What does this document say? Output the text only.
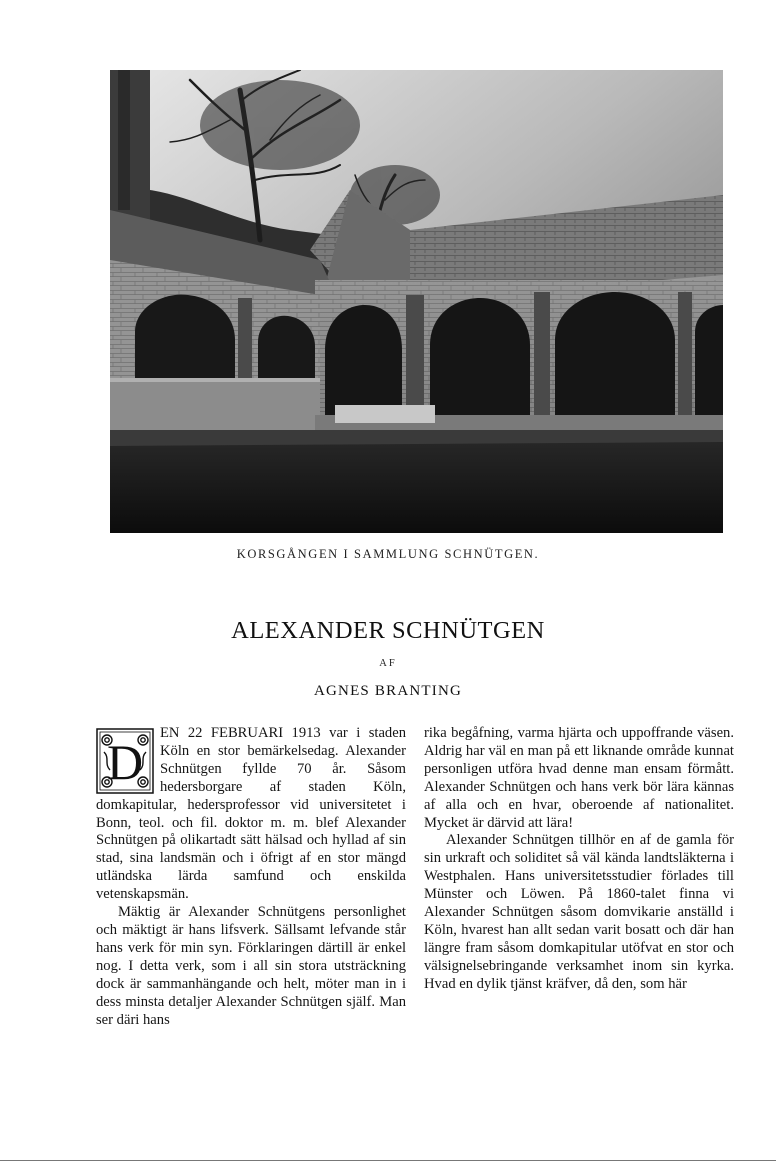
KORSGÅNGEN I SAMMLUNG SCHNÜTGEN.
ALEXANDER SCHNÜTGEN
AF
AGNES BRANTING

D
EN 22 FEBRUARI 1913 var i staden Köln en stor bemärkelsedag. Alexander Schnütgen fyllde 70 år. Såsom hedersborgare af staden Köln, domkapitular, hedersprofessor vid universitetet i Bonn, teol. och fil. doktor m. m. blef Alexander Schnütgen på olikartadt sätt hälsad och hyllad af sin stad, sina landsmän och i öfrigt af en stor mängd utländska lärda samfund och enskilda vetenskapsmän.

Mäktig är Alexander Schnütgens personlighet och mäktigt är hans lifsverk. Sällsamt lefvande står hans verk för min syn. Förklaringen därtill är enkel nog. I detta verk, som i all sin stora utsträckning dock är sammanhängande och helt, möter man in i dess minsta detaljer Alexander Schnütgen själf. Man ser däri hans

rika begåfning, varma hjärta och uppoffrande väsen. Aldrig har väl en man på ett liknande område kunnat personligen utföra hvad denne man ensam förmått. Alexander Schnütgen och hans verk bör lära kännas af alla och en hvar, oberoende af nationalitet. Mycket är därvid att lära!

Alexander Schnütgen tillhör en af de gamla för sin urkraft och soliditet så väl kända landtsläkterna i Westphalen. Hans universitetsstudier förlades till Münster och Löwen. På 1860-talet finna vi Alexander Schnütgen såsom domvikarie anställd i Köln, hvarest han allt sedan varit bosatt och där han längre fram såsom domkapitular utöfvat en stor och välsignelsebringande verksamhet inom sin kyrka. Hvad en dylik tjänst kräfver, då den, som här
